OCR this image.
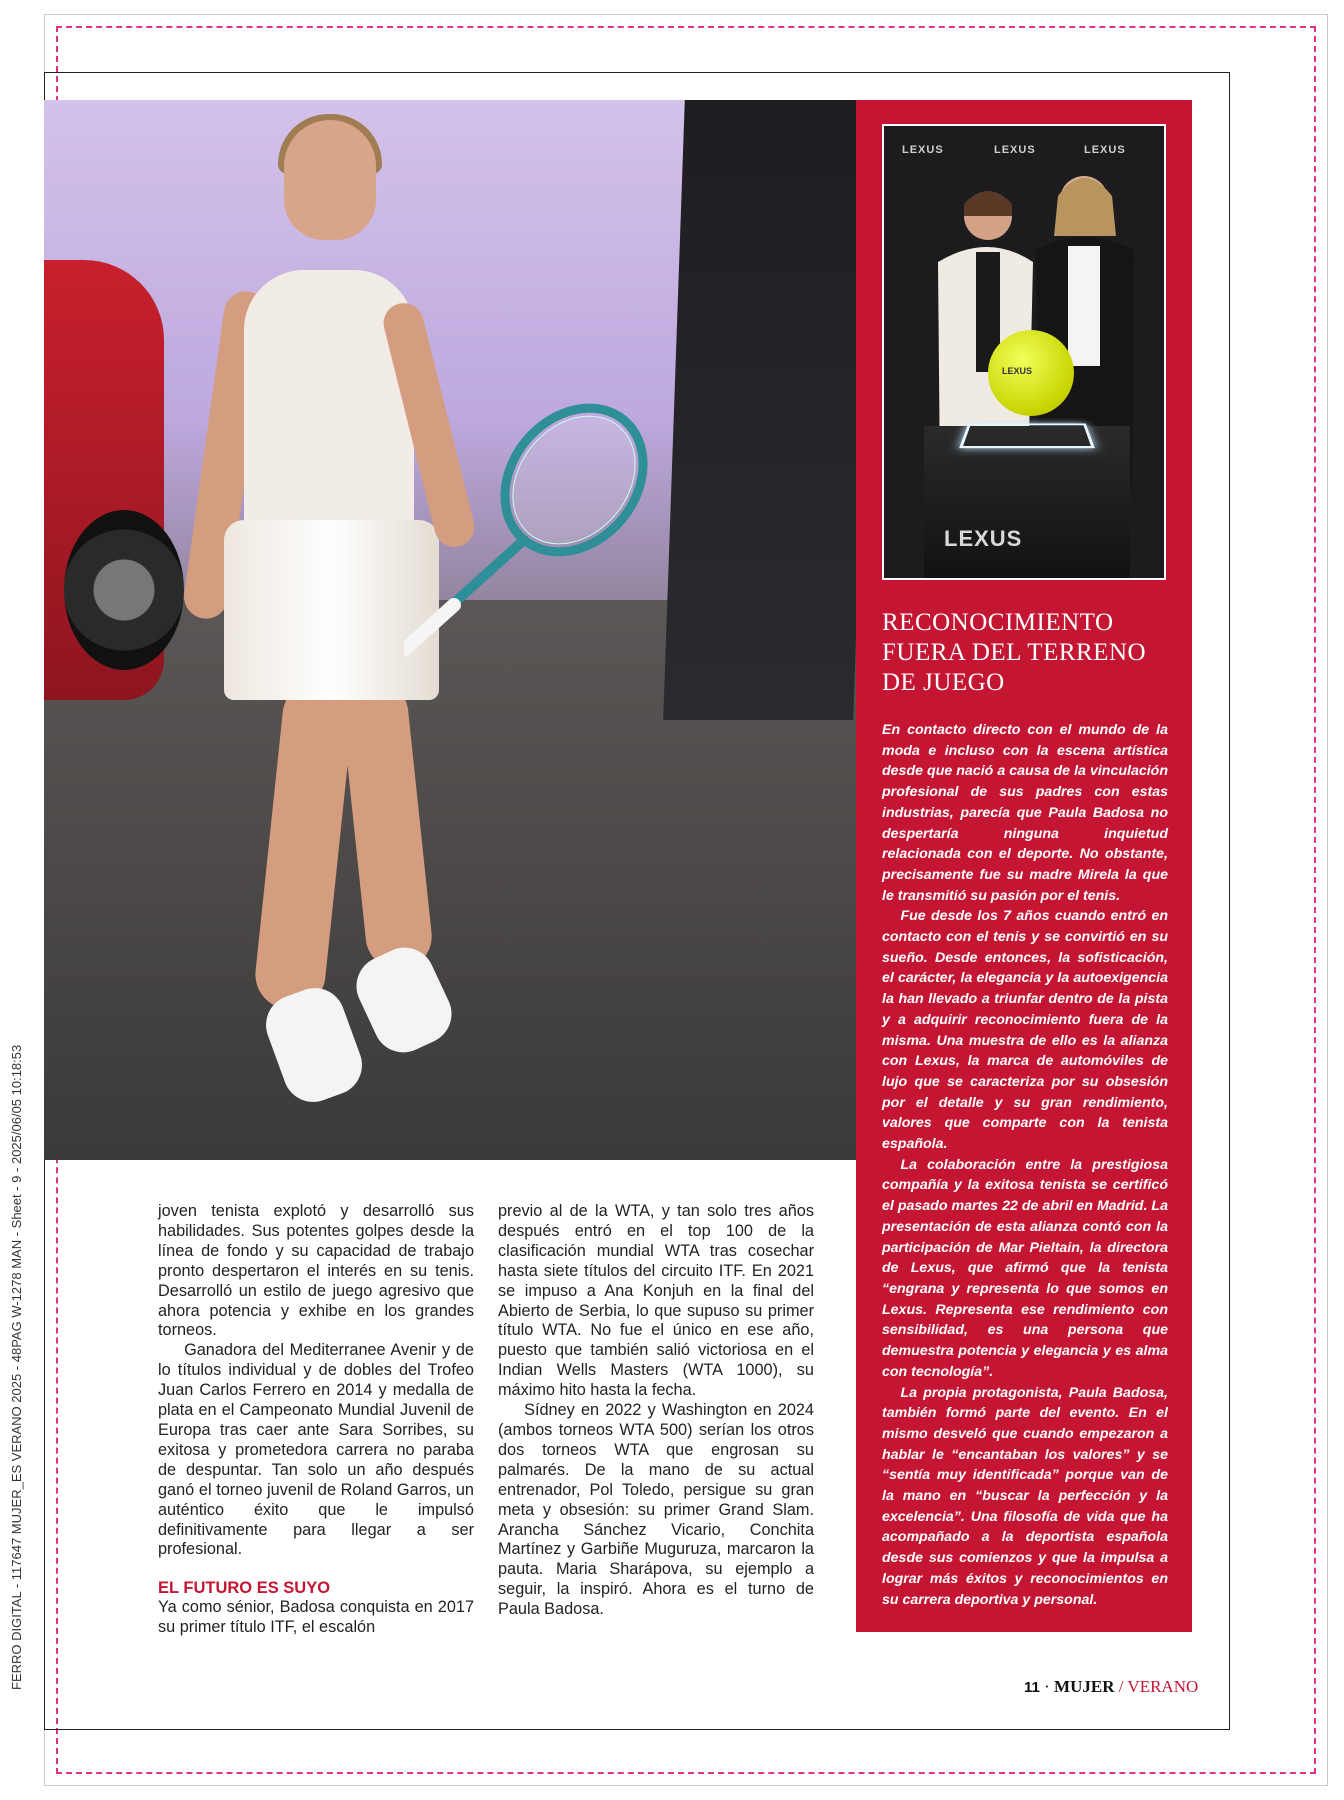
FERRO DIGITAL - 117647 MUJER_ES VERANO 2025 - 48PAG W-1278 MAN - Sheet - 9 - 2025/06/05 10:18:53
LEXUS	LEXUS	LEXUS
LEXUS
LEXUS
RECONOCIMIENTO FUERA DEL TERRENO DE JUEGO

En contacto directo con el mundo de la moda e incluso con la escena artística desde que nació a causa de la vinculación profesional de sus padres con estas industrias, parecía que Paula Badosa no despertaría ninguna inquietud relacionada con el deporte. No obstante, precisamente fue su madre Mirela la que le transmitió su pasión por el tenis.

Fue desde los 7 años cuando entró en contacto con el tenis y se convirtió en su sueño. Desde entonces, la sofisticación, el carácter, la elegancia y la autoexigencia la han llevado a triunfar dentro de la pista y a adquirir reconocimiento fuera de la misma. Una muestra de ello es la alianza con Lexus, la marca de automóviles de lujo que se caracteriza por su obsesión por el detalle y su gran rendimiento, valores que comparte con la tenista española.

La colaboración entre la prestigiosa compañía y la exitosa tenista se certificó el pasado martes 22 de abril en Madrid. La presentación de esta alianza contó con la participación de Mar Pieltain, la directora de Lexus, que afirmó que la tenista “engrana y representa lo que somos en Lexus. Representa ese rendimiento con sensibilidad, es una persona que demuestra potencia y elegancia y es alma con tecnología”.

La propia protagonista, Paula Badosa, también formó parte del evento. En el mismo desveló que cuando empezaron a hablar le “encantaban los valores” y se “sentía muy identificada” porque van de la mano en “buscar la perfección y la excelencia”. Una filosofía de vida que ha acompañado a la deportista española desde sus comienzos y que la impulsa a lograr más éxitos y reconocimientos en su carrera deportiva y personal.

joven tenista explotó y desarrolló sus habilidades. Sus potentes golpes desde la línea de fondo y su capacidad de trabajo pronto despertaron el interés en su tenis. Desarrolló un estilo de juego agresivo que ahora potencia y exhibe en los grandes torneos.

Ganadora del Mediterranee Avenir y de lo títulos individual y de dobles del Trofeo Juan Carlos Ferrero en 2014 y medalla de plata en el Campeonato Mundial Juvenil de Europa tras caer ante Sara Sorribes, su exitosa y prometedora carrera no paraba de despuntar. Tan solo un año después ganó el torneo juvenil de Roland Garros, un auténtico éxito que le impulsó definitivamente para llegar a ser profesional.

EL FUTURO ES SUYO

Ya como sénior, Badosa conquista en 2017 su primer título ITF, el escalón

previo al de la WTA, y tan solo tres años después entró en el top 100 de la clasificación mundial WTA tras cosechar hasta siete títulos del circuito ITF. En 2021 se impuso a Ana Konjuh en la final del Abierto de Serbia, lo que supuso su primer título WTA. No fue el único en ese año, puesto que también salió victoriosa en el Indian Wells Masters (WTA 1000), su máximo hito hasta la fecha.

Sídney en 2022 y Washington en 2024 (ambos torneos WTA 500) serían los otros dos torneos WTA que engrosan su palmarés. De la mano de su actual entrenador, Pol Toledo, persigue su gran meta y obsesión: su primer Grand Slam. Arancha Sánchez Vicario, Conchita Martínez y Garbiñe Muguruza, marcaron la pauta. Maria Sharápova, su ejemplo a seguir, la inspiró. Ahora es el turno de Paula Badosa.

11 · MUJER / VERANO
